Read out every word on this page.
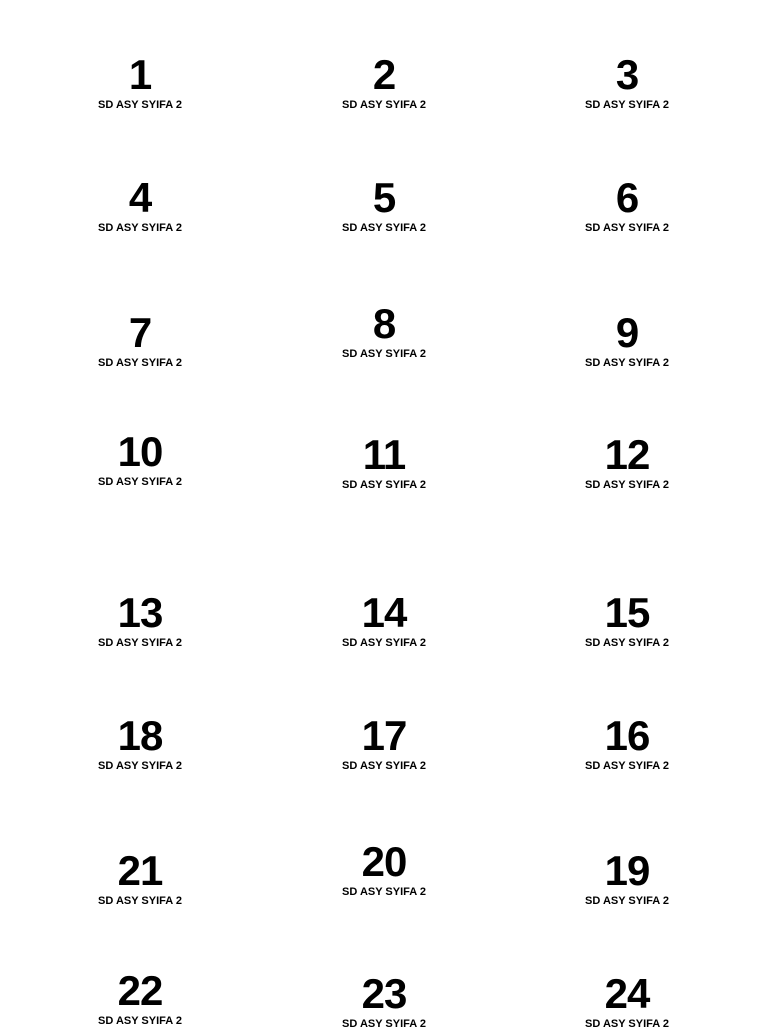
1
SD ASY SYIFA 2
2
SD ASY SYIFA 2
3
SD ASY SYIFA 2
4
SD ASY SYIFA 2
5
SD ASY SYIFA 2
6
SD ASY SYIFA 2
7
SD ASY SYIFA 2
8
SD ASY SYIFA 2	9
SD ASY SYIFA 2
10
SD ASY SYIFA 2
11
SD ASY SYIFA 2
12
SD ASY SYIFA 2
13
SD ASY SYIFA 2
14
SD ASY SYIFA 2
15
SD ASY SYIFA 2
18
SD ASY SYIFA 2
17
SD ASY SYIFA 2
16
SD ASY SYIFA 2
21
SD ASY SYIFA 2
20
SD ASY SYIFA 2	19
SD ASY SYIFA 2
22
SD ASY SYIFA 2
23
SD ASY SYIFA 2
24
SD ASY SYIFA 2
